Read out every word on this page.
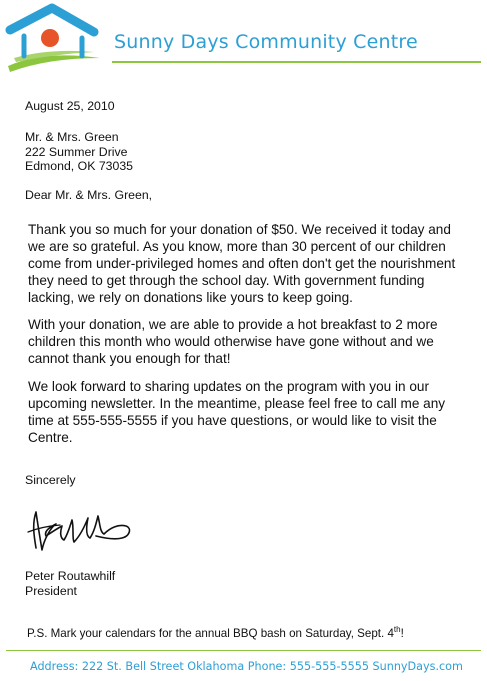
Sunny Days Community Centre
August 25, 2010
Mr. & Mrs. Green
222 Summer Drive
Edmond, OK 73035
Dear Mr. & Mrs. Green,
Thank you so much for your donation of $50. We received it today and
we are so grateful. As you know, more than 30 percent of our children
come from under-privileged homes and often don't get the nourishment
they need to get through the school day. With government funding
lacking, we rely on donations like yours to keep going.
With your donation, we are able to provide a hot breakfast to 2 more
children this month who would otherwise have gone without and we
cannot thank you enough for that!
We look forward to sharing updates on the program with you in our
upcoming newsletter. In the meantime, please feel free to call me any
time at 555-555-5555 if you have questions, or would like to visit the
Centre.
Sincerely
Peter Routawhilf
President
P.S. Mark your calendars for the annual BBQ bash on Saturday, Sept. 4th!
Address: 222 St. Bell Street Oklahoma Phone: 555-555-5555 SunnyDays.com
